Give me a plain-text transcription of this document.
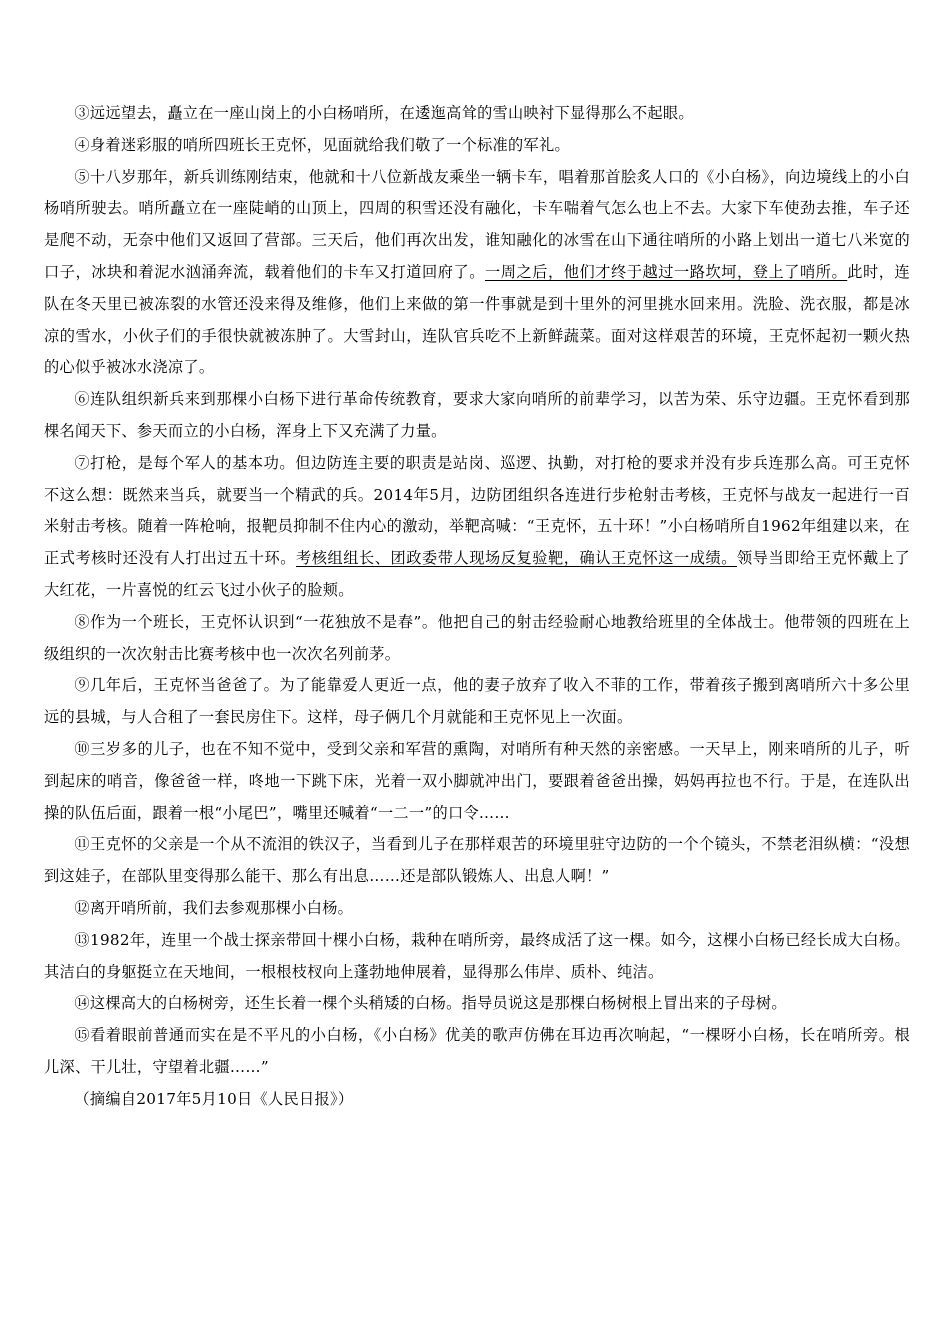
③远远望去，矗立在一座山岗上的小白杨哨所，在逶迤高耸的雪山映衬下显得那么不起眼。

④身着迷彩服的哨所四班长王克怀，见面就给我们敬了一个标准的军礼。

⑤十八岁那年，新兵训练刚结束，他就和十八位新战友乘坐一辆卡车，唱着那首脍炙人口的《小白杨》，向边境线上的小白杨哨所驶去。哨所矗立在一座陡峭的山顶上，四周的积雪还没有融化，卡车喘着气怎么也上不去。大家下车使劲去推，车子还是爬不动，无奈中他们又返回了营部。三天后，他们再次出发，谁知融化的冰雪在山下通往哨所的小路上划出一道七八米宽的口子，冰块和着泥水汹涌奔流，载着他们的卡车又打道回府了。一周之后，他们才终于越过一路坎坷，登上了哨所。此时，连队在冬天里已被冻裂的水管还没来得及维修，他们上来做的第一件事就是到十里外的河里挑水回来用。洗脸、洗衣服，都是冰凉的雪水，小伙子们的手很快就被冻肿了。大雪封山，连队官兵吃不上新鲜蔬菜。面对这样艰苦的环境，王克怀起初一颗火热的心似乎被冰水浇凉了。

⑥连队组织新兵来到那棵小白杨下进行革命传统教育，要求大家向哨所的前辈学习，以苦为荣、乐守边疆。王克怀看到那棵名闻天下、参天而立的小白杨，浑身上下又充满了力量。

⑦打枪，是每个军人的基本功。但边防连主要的职责是站岗、巡逻、执勤，对打枪的要求并没有步兵连那么高。可王克怀不这么想：既然来当兵，就要当一个精武的兵。2014年5月，边防团组织各连进行步枪射击考核，王克怀与战友一起进行一百米射击考核。随着一阵枪响，报靶员抑制不住内心的激动，举靶高喊：“王克怀，五十环！”小白杨哨所自1962年组建以来，在正式考核时还没有人打出过五十环。考核组组长、团政委带人现场反复验靶，确认王克怀这一成绩。领导当即给王克怀戴上了大红花，一片喜悦的红云飞过小伙子的脸颊。

⑧作为一个班长，王克怀认识到“一花独放不是春”。他把自己的射击经验耐心地教给班里的全体战士。他带领的四班在上级组织的一次次射击比赛考核中也一次次名列前茅。

⑨几年后，王克怀当爸爸了。为了能靠爱人更近一点，他的妻子放弃了收入不菲的工作，带着孩子搬到离哨所六十多公里远的县城，与人合租了一套民房住下。这样，母子俩几个月就能和王克怀见上一次面。

⑩三岁多的儿子，也在不知不觉中，受到父亲和军营的熏陶，对哨所有种天然的亲密感。一天早上，刚来哨所的儿子，听到起床的哨音，像爸爸一样，咚地一下跳下床，光着一双小脚就冲出门，要跟着爸爸出操，妈妈再拉也不行。于是，在连队出操的队伍后面，跟着一根“小尾巴”，嘴里还喊着“一二一”的口令……

⑪王克怀的父亲是一个从不流泪的铁汉子，当看到儿子在那样艰苦的环境里驻守边防的一个个镜头，不禁老泪纵横：“没想到这娃子，在部队里变得那么能干、那么有出息……还是部队锻炼人、出息人啊！”

⑫离开哨所前，我们去参观那棵小白杨。

⑬1982年，连里一个战士探亲带回十棵小白杨，栽种在哨所旁，最终成活了这一棵。如今，这棵小白杨已经长成大白杨。其洁白的身躯挺立在天地间，一根根枝杈向上蓬勃地伸展着，显得那么伟岸、质朴、纯洁。

⑭这棵高大的白杨树旁，还生长着一棵个头稍矮的白杨。指导员说这是那棵白杨树根上冒出来的子母树。

⑮看着眼前普通而实在是不平凡的小白杨，《小白杨》优美的歌声仿佛在耳边再次响起，“一棵呀小白杨，长在哨所旁。根儿深、干儿壮，守望着北疆……”

（摘编自2017年5月10日《人民日报》）
